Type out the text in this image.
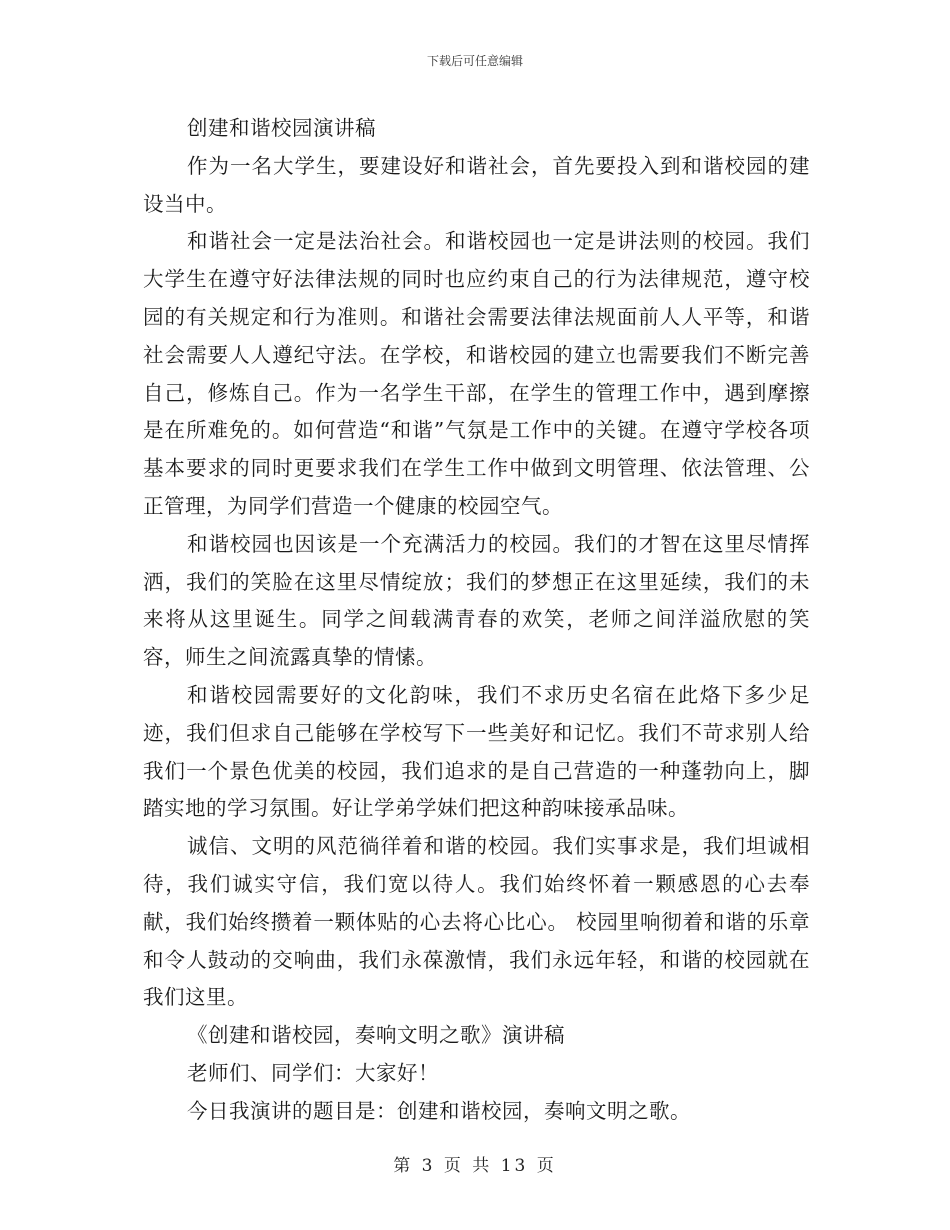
下载后可任意编辑

创建和谐校园演讲稿

作为一名大学生，要建设好和谐社会，首先要投入到和谐校园的建设当中。

和谐社会一定是法治社会。和谐校园也一定是讲法则的校园。我们大学生在遵守好法律法规的同时也应约束自己的行为法律规范，遵守校园的有关规定和行为准则。和谐社会需要法律法规面前人人平等，和谐社会需要人人遵纪守法。在学校，和谐校园的建立也需要我们不断完善自己，修炼自己。作为一名学生干部，在学生的管理工作中，遇到摩擦是在所难免的。如何营造“和谐”气氛是工作中的关键。在遵守学校各项基本要求的同时更要求我们在学生工作中做到文明管理、依法管理、公正管理，为同学们营造一个健康的校园空气。

和谐校园也因该是一个充满活力的校园。我们的才智在这里尽情挥洒，我们的笑脸在这里尽情绽放；我们的梦想正在这里延续，我们的未来将从这里诞生。同学之间载满青春的欢笑，老师之间洋溢欣慰的笑容，师生之间流露真挚的情愫。

和谐校园需要好的文化韵味，我们不求历史名宿在此烙下多少足迹，我们但求自己能够在学校写下一些美好和记忆。我们不苛求别人给我们一个景色优美的校园，我们追求的是自己营造的一种蓬勃向上，脚踏实地的学习氛围。好让学弟学妹们把这种韵味接承品味。

诚信、文明的风范徜徉着和谐的校园。我们实事求是，我们坦诚相待，我们诚实守信，我们宽以待人。我们始终怀着一颗感恩的心去奉献，我们始终攒着一颗体贴的心去将心比心。 校园里响彻着和谐的乐章和令人鼓动的交响曲，我们永葆激情，我们永远年轻，和谐的校园就在我们这里。

《创建和谐校园，奏响文明之歌》演讲稿

老师们、同学们：大家好！

今日我演讲的题目是：创建和谐校园，奏响文明之歌。

第 3 页 共 13 页
